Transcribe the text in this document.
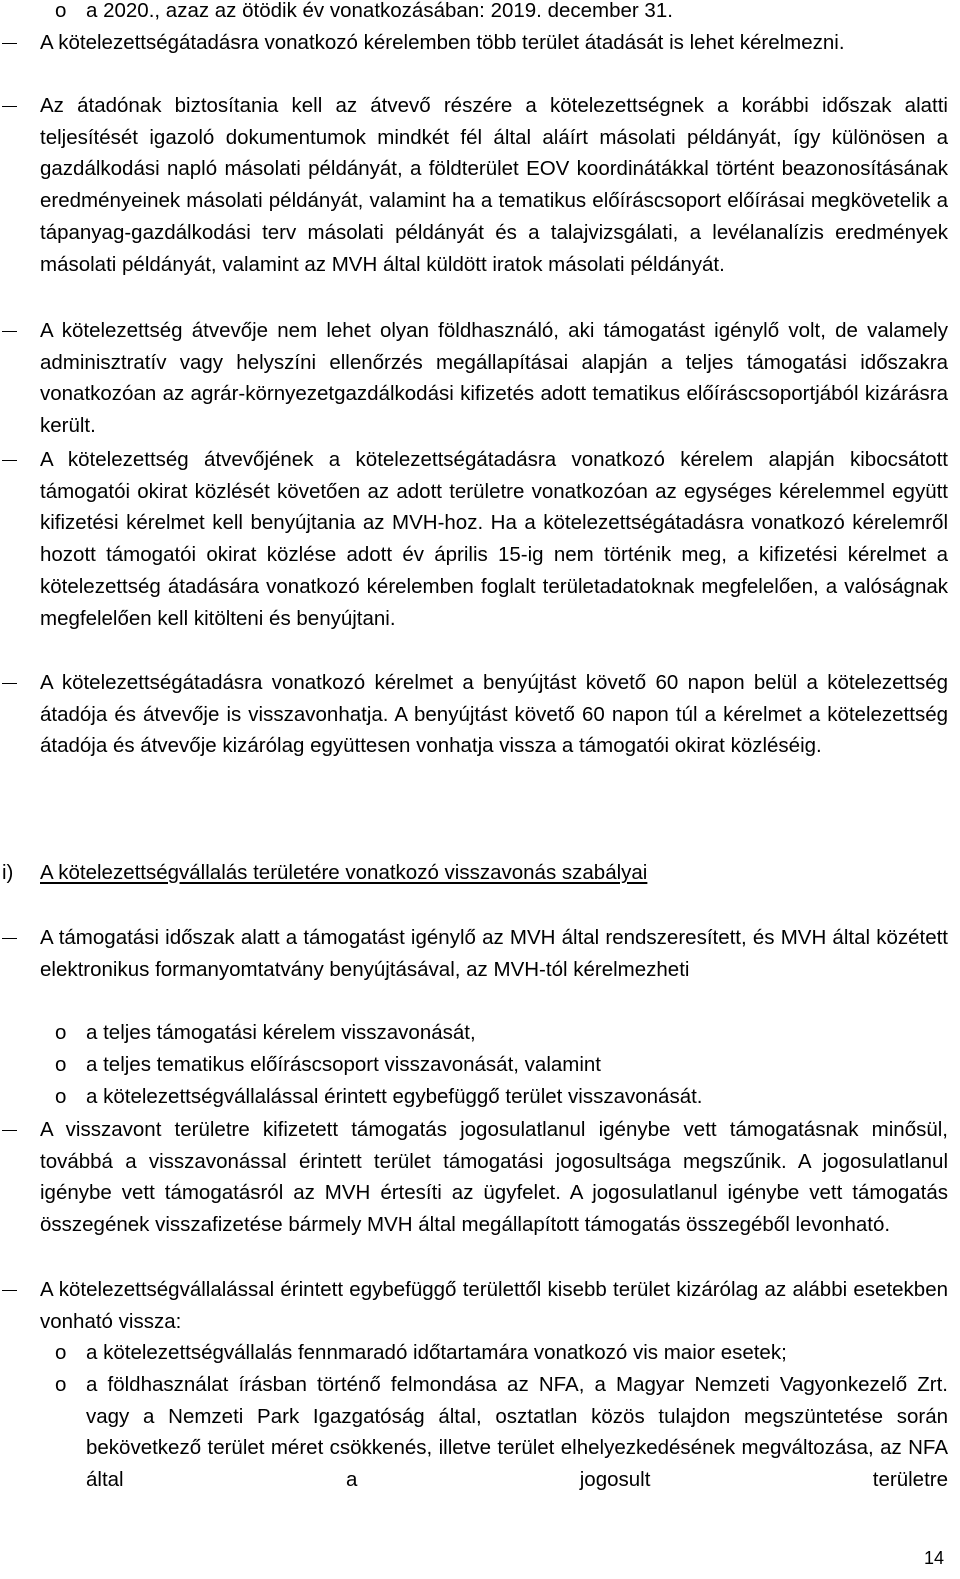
o a 2020., azaz az ötödik év vonatkozásában: 2019. december 31.
A kötelezettségátadásra vonatkozó kérelemben több terület átadását is lehet kérelmezni.
Az átadónak biztosítania kell az átvevő részére a kötelezettségnek a korábbi időszak alatti teljesítését igazoló dokumentumok mindkét fél által aláírt másolati példányát, így különösen a gazdálkodási napló másolati példányát, a földterület EOV koordinátákkal történt beazonosításának eredményeinek másolati példányát, valamint ha a tematikus előíráscsoport előírásai megkövetelik a tápanyag-gazdálkodási terv másolati példányát és a talajvizsgálati, a levélanalízis eredmények másolati példányát, valamint az MVH által küldött iratok másolati példányát.
A kötelezettség átvevője nem lehet olyan földhasználó, aki támogatást igénylő volt, de valamely adminisztratív vagy helyszíni ellenőrzés megállapításai alapján a teljes támogatási időszakra vonatkozóan az agrár-környezetgazdálkodási kifizetés adott tematikus előíráscsoportjából kizárásra került.
A kötelezettség átvevőjének a kötelezettségátadásra vonatkozó kérelem alapján kibocsátott támogatói okirat közlését követően az adott területre vonatkozóan az egységes kérelemmel együtt kifizetési kérelmet kell benyújtania az MVH-hoz. Ha a kötelezettségátadásra vonatkozó kérelemről hozott támogatói okirat közlése adott év április 15-ig nem történik meg, a kifizetési kérelmet a kötelezettség átadására vonatkozó kérelemben foglalt területadatoknak megfelelően, a valóságnak megfelelően kell kitölteni és benyújtani.
A kötelezettségátadásra vonatkozó kérelmet a benyújtást követő 60 napon belül a kötelezettség átadója és átvevője is visszavonhatja. A benyújtást követő 60 napon túl a kérelmet a kötelezettség átadója és átvevője kizárólag együttesen vonhatja vissza a támogatói okirat közléséig.
i) A kötelezettségvállalás területére vonatkozó visszavonás szabályai
A támogatási időszak alatt a támogatást igénylő az MVH által rendszeresített, és MVH által közétett elektronikus formanyomtatvány benyújtásával, az MVH-tól kérelmezheti
o a teljes támogatási kérelem visszavonását,
o a teljes tematikus előíráscsoport visszavonását, valamint
o a kötelezettségvállalással érintett egybefüggő terület visszavonását.
A visszavont területre kifizetett támogatás jogosulatlanul igénybe vett támogatásnak minősül, továbbá a visszavonással érintett terület támogatási jogosultsága megszűnik. A jogosulatlanul igénybe vett támogatásról az MVH értesíti az ügyfelet. A jogosulatlanul igénybe vett támogatás összegének visszafizetése bármely MVH által megállapított támogatás összegéből levonható.
A kötelezettségvállalással érintett egybefüggő területtől kisebb terület kizárólag az alábbi esetekben vonható vissza:
o a kötelezettségvállalás fennmaradó időtartamára vonatkozó vis maior esetek;
o a földhasználat írásban történő felmondása az NFA, a Magyar Nemzeti Vagyonkezelő Zrt. vagy a Nemzeti Park Igazgatóság által, osztatlan közös tulajdon megszüntetése során bekövetkező terület méret csökkenés, illetve terület elhelyezkedésének megváltozása, az NFA által a jogosult területre
14
